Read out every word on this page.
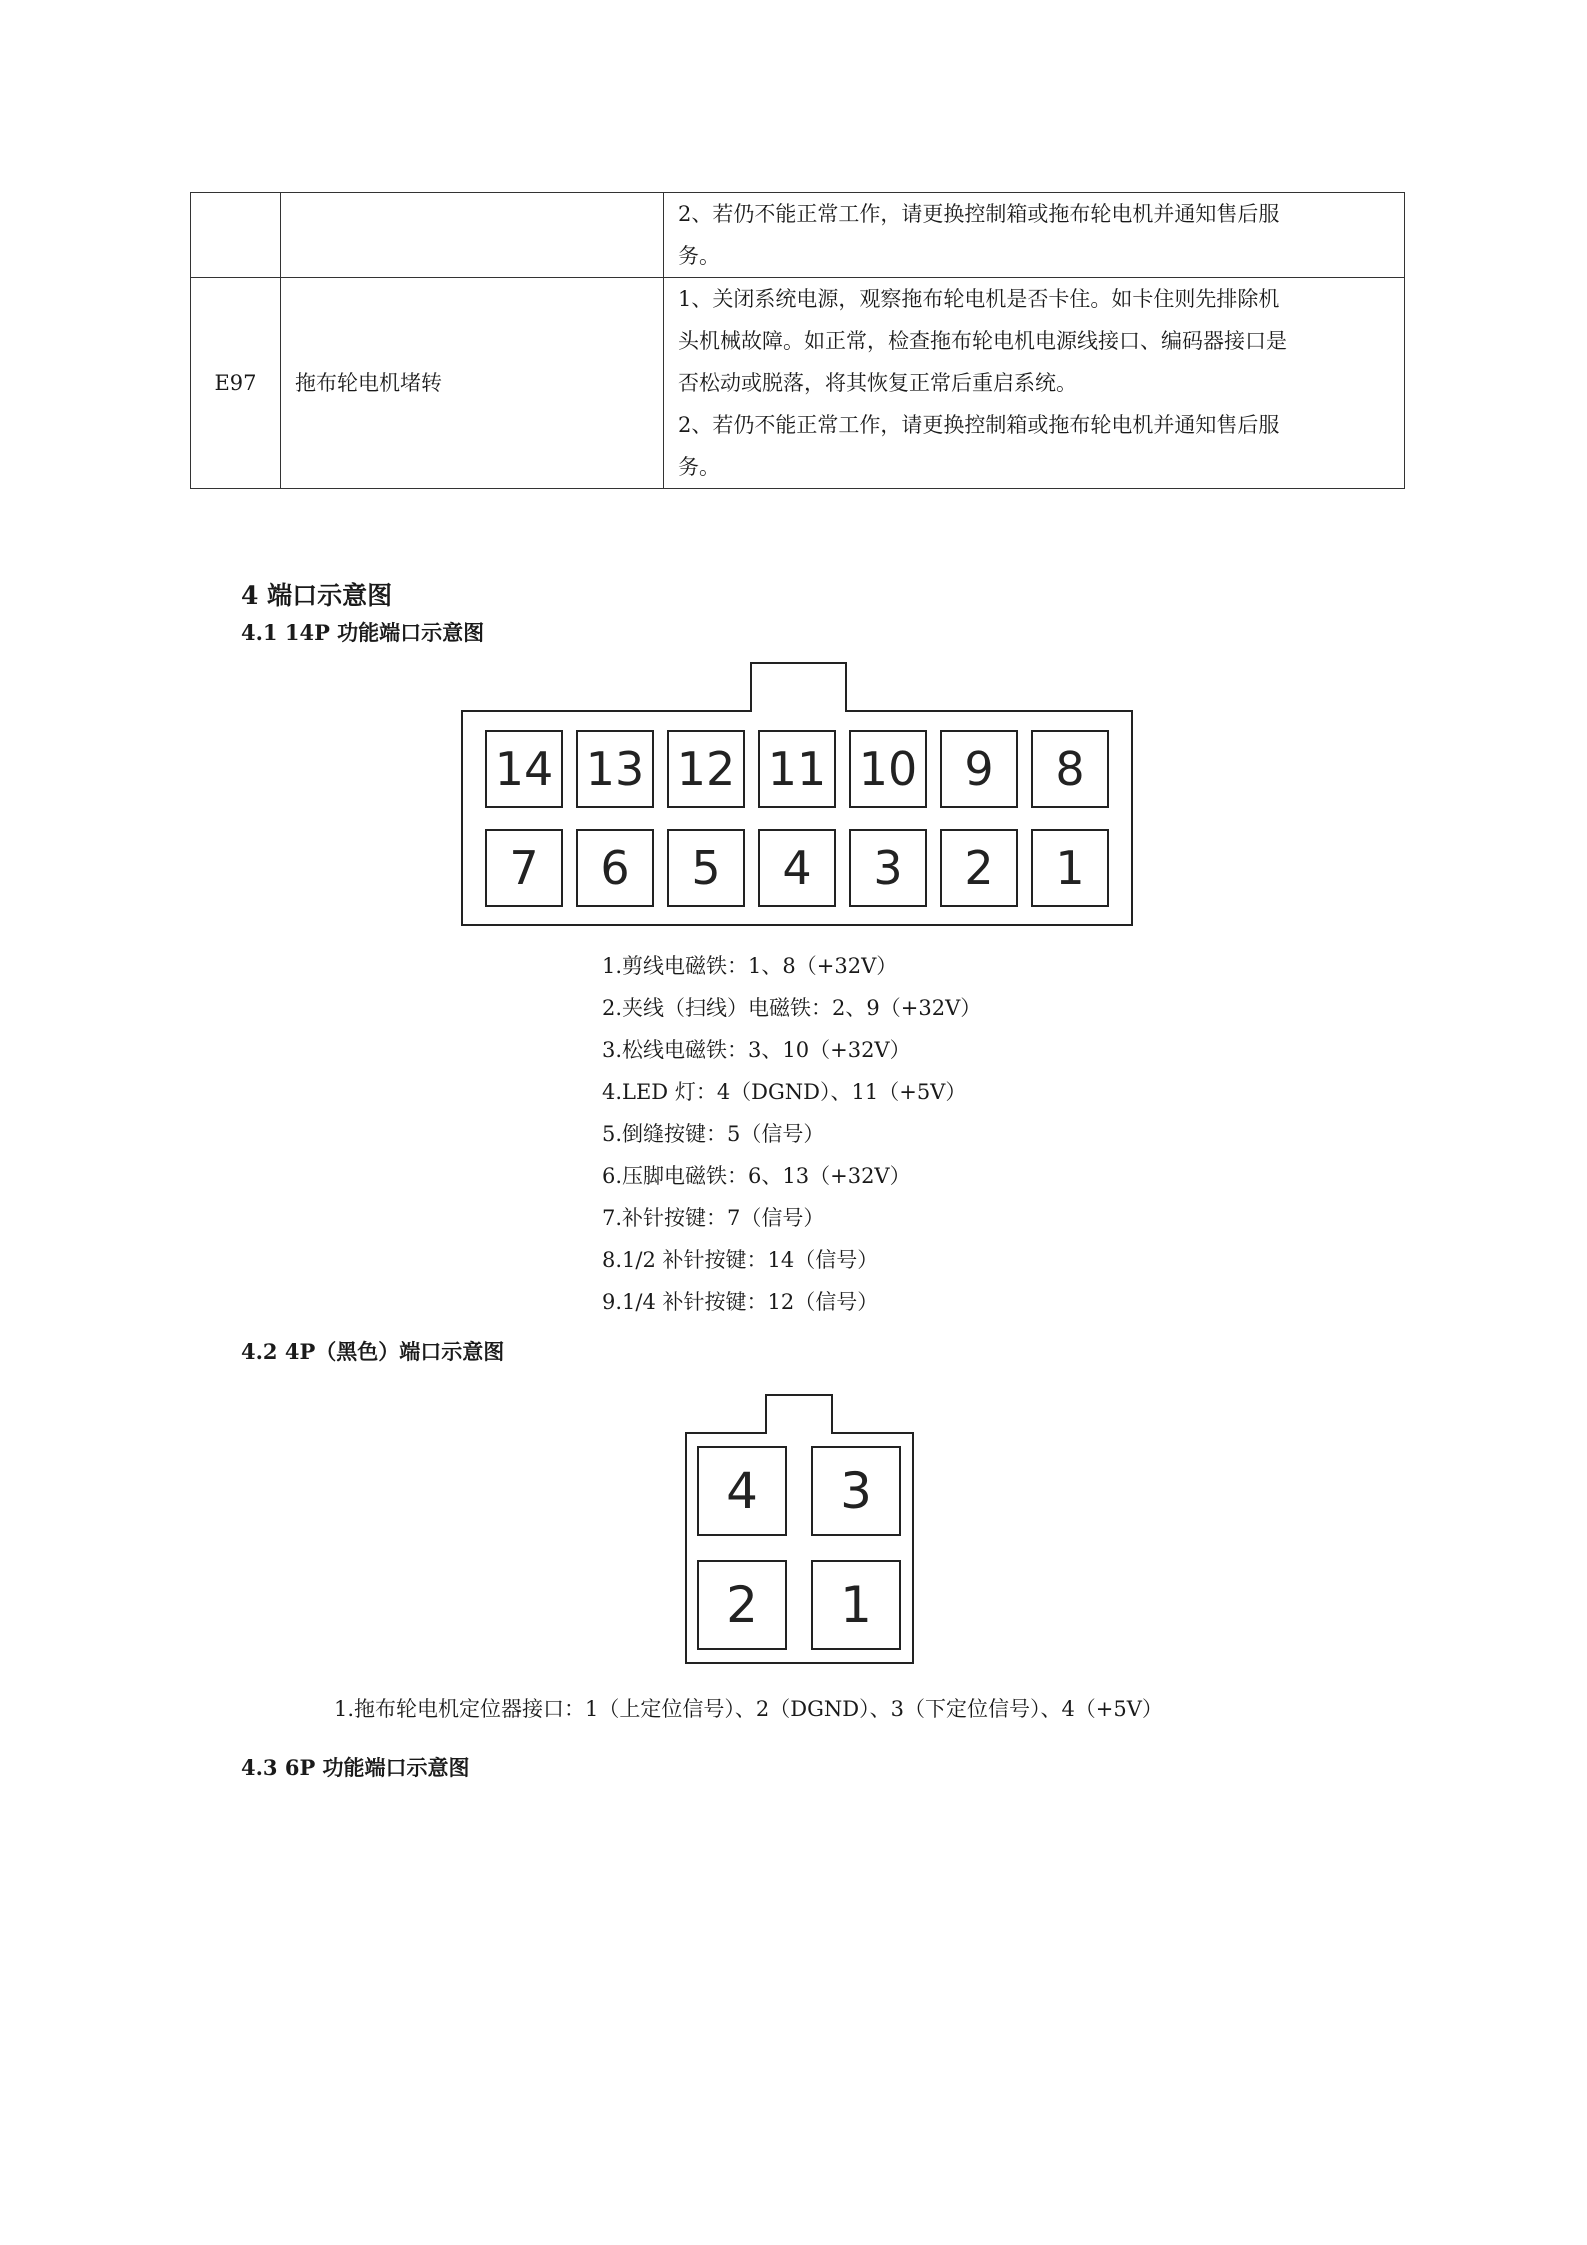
		2、若仍不能正常工作，请更换控制箱或拖布轮电机并通知售后服
务。

E97	拖布轮电机堵转	1、关闭系统电源，观察拖布轮电机是否卡住。如卡住则先排除机
头机械故障。如正常，检查拖布轮电机电源线接口、编码器接口是
否松动或脱落，将其恢复正常后重启系统。
2、若仍不能正常工作，请更换控制箱或拖布轮电机并通知售后服
务。
4 端口示意图
4.1 14P 功能端口示意图
14 13 12 11 10	9	8
7	6	5	4	3	2	1
1.剪线电磁铁：1、8（+32V）
2.夹线（扫线）电磁铁：2、9（+32V）
3.松线电磁铁：3、10（+32V）
4.LED 灯：4（DGND）、11（+5V）
5.倒缝按键：5（信号）
6.压脚电磁铁：6、13（+32V）
7.补针按键：7（信号）
8.1/2 补针按键：14（信号）
9.1/4 补针按键：12（信号）
4.2 4P（黑色）端口示意图
4	3
2	1
1.拖布轮电机定位器接口：1（上定位信号）、2（DGND）、3（下定位信号）、4（+5V）
4.3 6P 功能端口示意图
